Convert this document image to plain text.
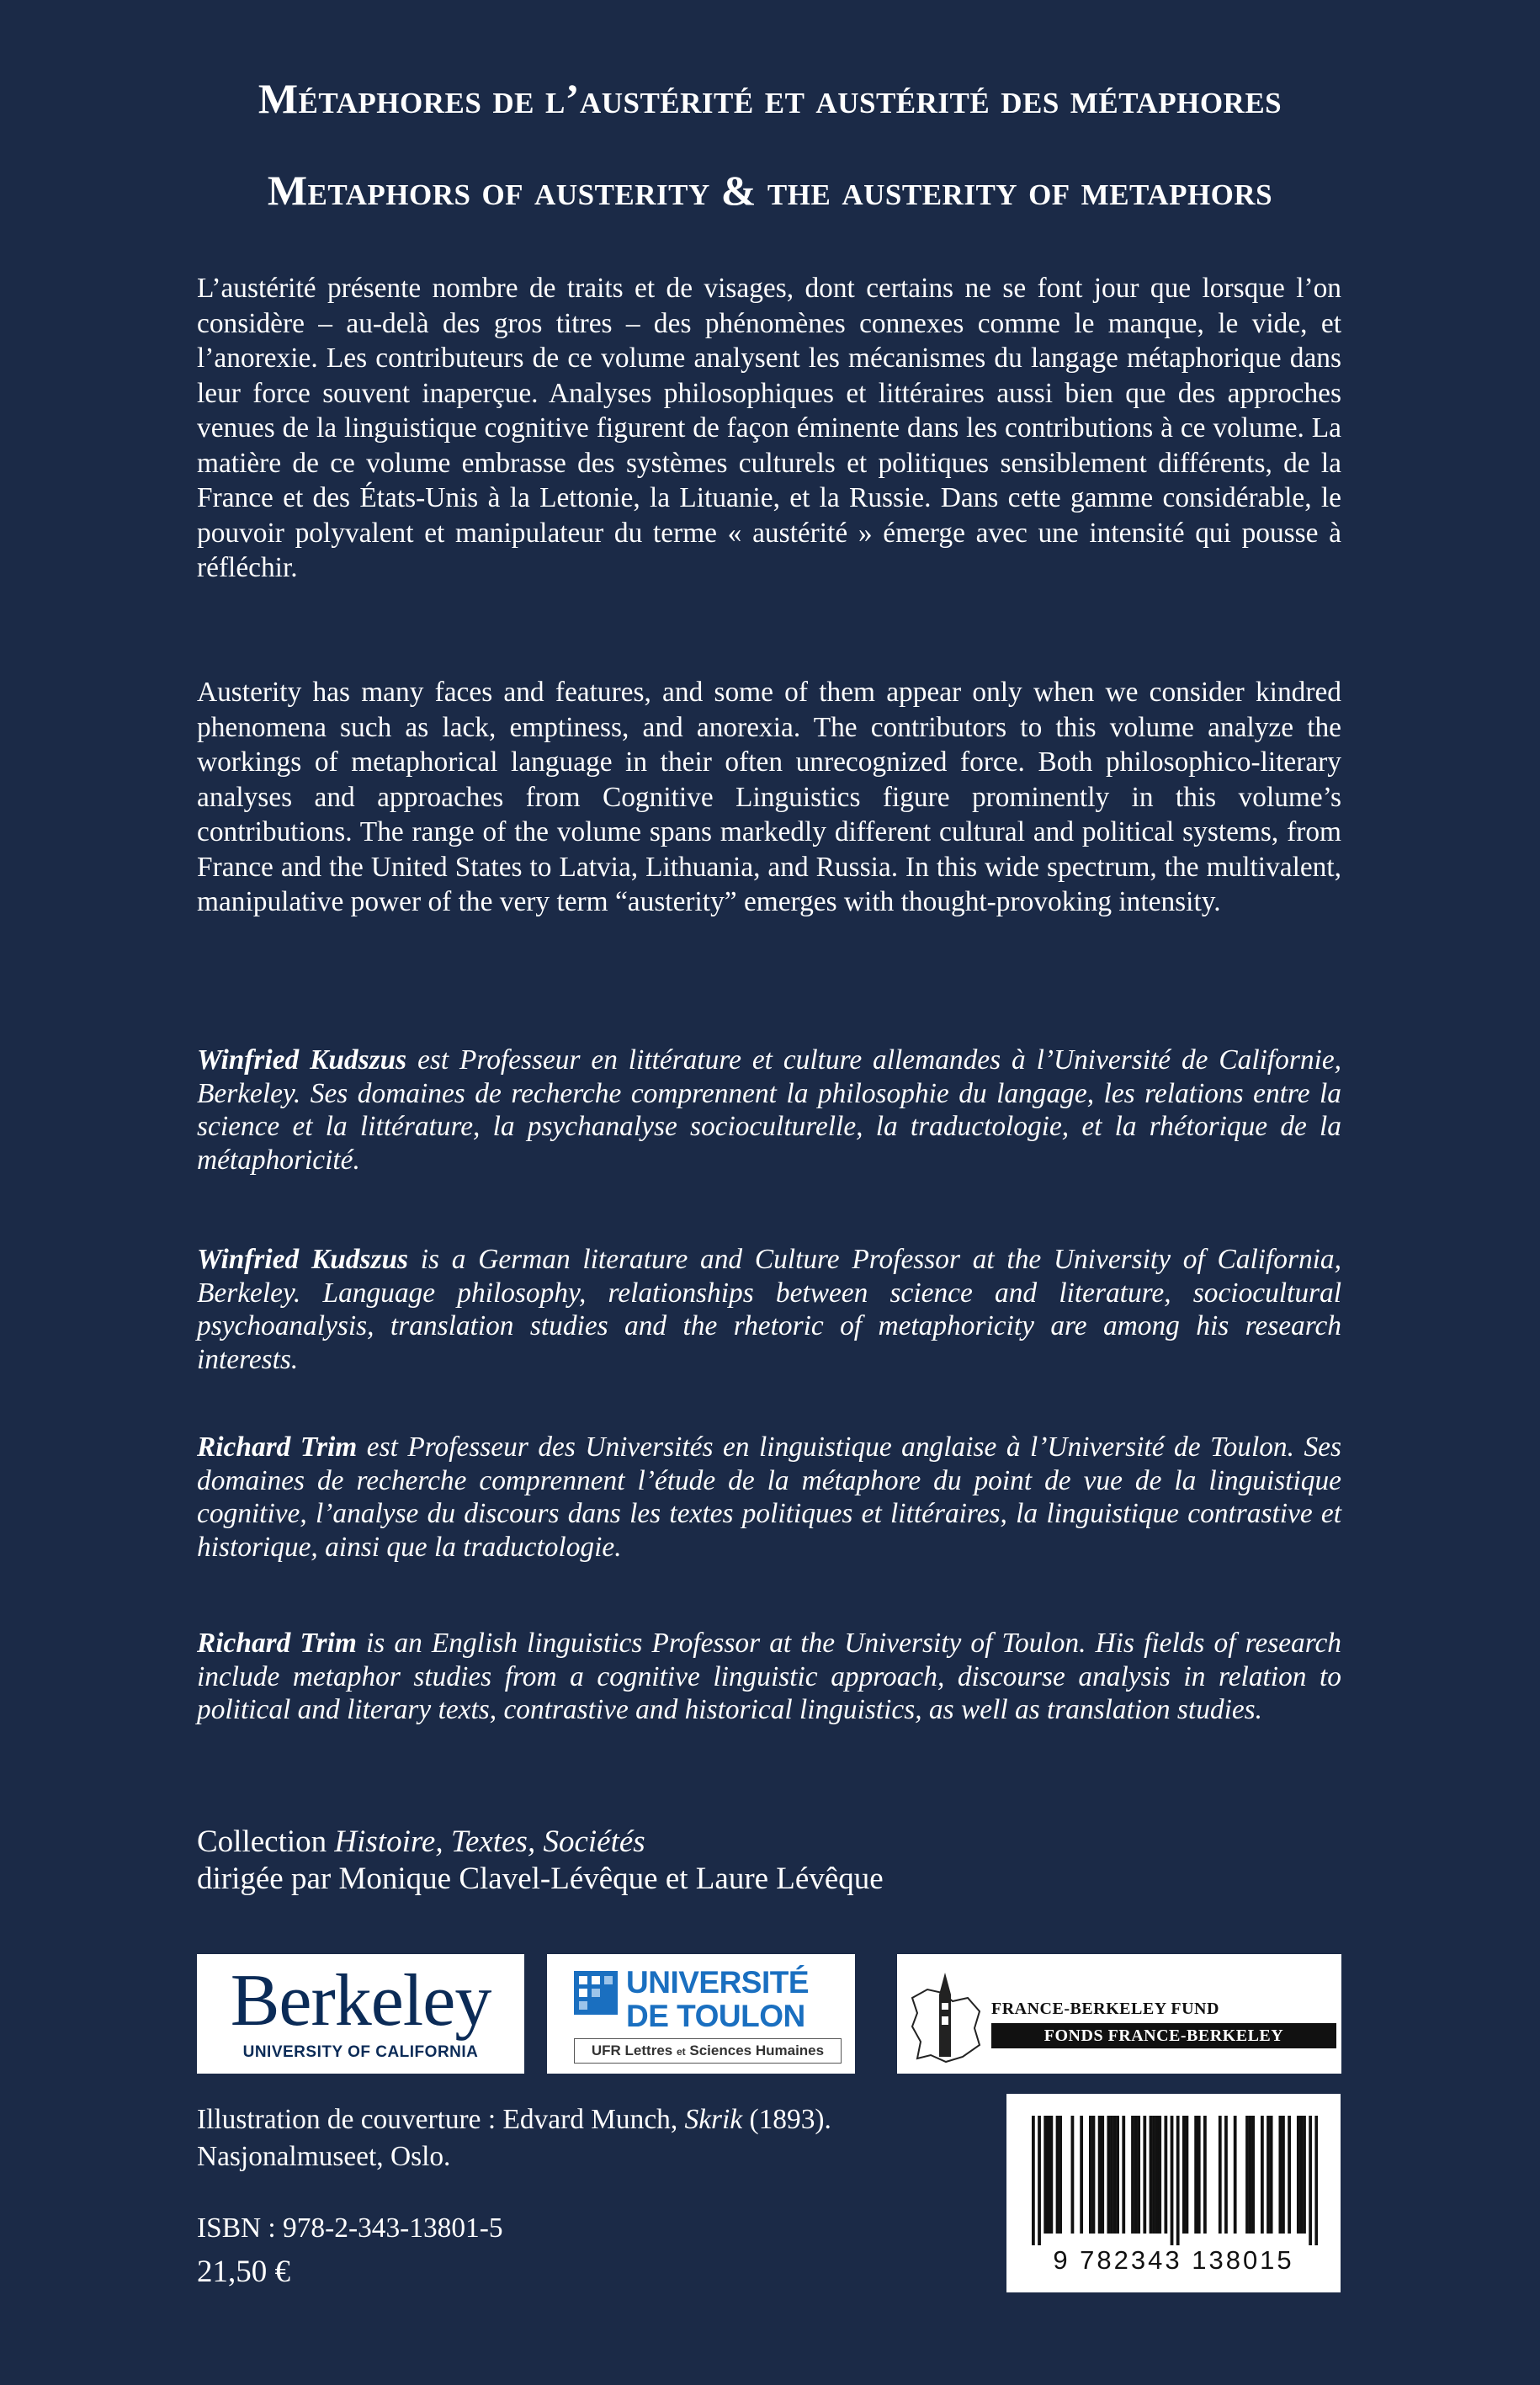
Métaphores de l’austérité et austérité des métaphores

Metaphors of austerity & the austerity of metaphors

L’austérité présente nombre de traits et de visages, dont certains ne se font jour que lorsque l’on considère – au-delà des gros titres – des phénomènes connexes comme le manque, le vide, et l’anorexie. Les contributeurs de ce volume analysent les mécanismes du langage métaphorique dans leur force souvent inaperçue. Analyses philosophiques et littéraires aussi bien que des approches venues de la linguistique cognitive figurent de façon éminente dans les contributions à ce volume. La matière de ce volume embrasse des systèmes culturels et politiques sensiblement différents, de la France et des États-Unis à la Lettonie, la Lituanie, et la Russie. Dans cette gamme considérable, le pouvoir polyvalent et manipulateur du terme « austérité » émerge avec une intensité qui pousse à réfléchir.

Austerity has many faces and features, and some of them appear only when we consider kindred phenomena such as lack, emptiness, and anorexia. The contributors to this volume analyze the workings of metaphorical language in their often unrecognized force. Both philosophico-literary analyses and approaches from Cognitive Linguistics figure prominently in this volume’s contributions. The range of the volume spans markedly different cultural and political systems, from France and the United States to Latvia, Lithuania, and Russia. In this wide spectrum, the multivalent, manipulative power of the very term “austerity” emerges with thought-provoking intensity.

Winfried Kudszus est Professeur en littérature et culture allemandes à l’Université de Californie, Berkeley. Ses domaines de recherche comprennent la philosophie du langage, les relations entre la science et la littérature, la psychanalyse socioculturelle, la traductologie, et la rhétorique de la métaphoricité.

Winfried Kudszus is a German literature and Culture Professor at the University of California, Berkeley. Language philosophy, relationships between science and literature, sociocultural psychoanalysis, translation studies and the rhetoric of metaphoricity are among his research interests.

Richard Trim est Professeur des Universités en linguistique anglaise à l’Université de Toulon. Ses domaines de recherche comprennent l’étude de la métaphore du point de vue de la linguistique cognitive, l’analyse du discours dans les textes politiques et littéraires, la linguistique contrastive et historique, ainsi que la traductologie.

Richard Trim is an English linguistics Professor at the University of Toulon. His fields of research include metaphor studies from a cognitive linguistic approach, discourse analysis in relation to political and literary texts, contrastive and historical linguistics, as well as translation studies.

Collection Histoire, Textes, Sociétés
dirigée par Monique Clavel-Lévêque et Laure Lévêque
Berkeley
UNIVERSITY OF CALIFORNIA
UNIVERSITÉ
DE TOULON
UFR Lettres et Sciences Humaines
FRANCE-BERKELEY FUND
FONDS FRANCE-BERKELEY
Illustration de couverture : Edvard Munch, Skrik (1893).
Nasjonalmuseet, Oslo.
ISBN : 978-2-343-13801-5
21,50 €	9 782343 138015
